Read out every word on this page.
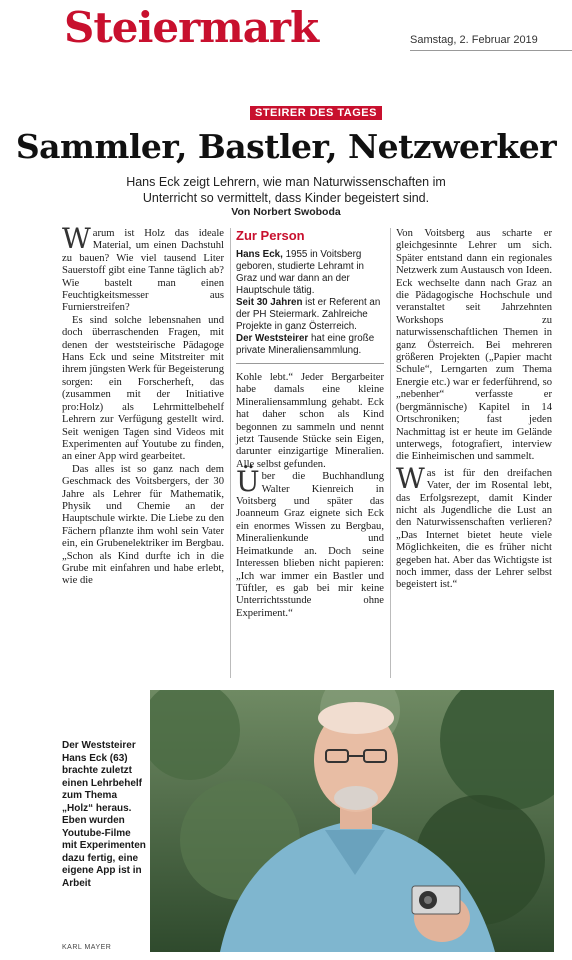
Steiermark	Samstag, 2. Februar 2019
STEIRER DES TAGES
Sammler, Bastler, Netzwerker
Hans Eck zeigt Lehrern, wie man Naturwissenschaften im Unterricht so vermittelt, dass Kinder begeistert sind.
Von Norbert Swoboda

Warum ist Holz das ideale Material, um einen Dachstuhl zu bauen? Wie viel tausend Liter Sauerstoff gibt eine Tanne täglich ab? Wie bastelt man einen Feuchtigkeitsmesser aus Furnierstreifen?

Es sind solche lebensnahen und doch überraschenden Fragen, mit denen der weststeirische Pädagoge Hans Eck und seine Mitstreiter mit ihrem jüngsten Werk für Begeisterung sorgen: ein Forscherheft, das (zusammen mit der Initiative pro:Holz) als Lehrmittelbehelf Lehrern zur Verfügung gestellt wird. Seit wenigen Tagen sind Videos mit Experimenten auf Youtube zu finden, an einer App wird gearbeitet.

Das alles ist so ganz nach dem Geschmack des Voitsbergers, der 30 Jahre als Lehrer für Mathematik, Physik und Chemie an der Hauptschule wirkte. Die Liebe zu den Fächern pflanzte ihm wohl sein Vater ein, ein Grubenelektriker im Bergbau. „Schon als Kind durfte ich in die Grube mit einfahren und habe erlebt, wie die

Zur Person

Hans Eck, 1955 in Voitsberg geboren, studierte Lehramt in Graz und war dann an der Hauptschule tätig.

Seit 30 Jahren ist er Referent an der PH Steiermark. Zahlreiche Projekte in ganz Österreich.

Der Weststeirer hat eine große private Mineraliensammlung.

Kohle lebt.“ Jeder Bergarbeiter habe damals eine kleine Mineraliensammlung gehabt. Eck hat daher schon als Kind begonnen zu sammeln und nennt jetzt Tausende Stücke sein Eigen, darunter einzigartige Mineralien. Alle selbst gefunden.

Über die Buchhandlung Walter Kienreich in Voitsberg und später das Joanneum Graz eignete sich Eck ein enormes Wissen zu Bergbau, Mineralienkunde und Heimatkunde an. Doch seine Interessen blieben nicht papieren: „Ich war immer ein Bastler und Tüftler, es gab bei mir keine Unterrichtsstunde ohne Experiment.“

Von Voitsberg aus scharte er gleichgesinnte Lehrer um sich. Später entstand dann ein regionales Netzwerk zum Austausch von Ideen. Eck wechselte dann nach Graz an die Pädagogische Hochschule und veranstaltet seit Jahrzehnten Workshops zu naturwissenschaftlichen Themen in ganz Österreich. Bei mehreren größeren Projekten („Papier macht Schule“, Lerngarten zum Thema Energie etc.) war er federführend, so „nebenher“ verfasste er (bergmännische) Kapitel in 14 Ortschroniken; fast jeden Nachmittag ist er heute im Gelände unterwegs, fotografiert, interview die Einheimischen und sammelt.

Was ist für den dreifachen Vater, der im Rosental lebt, das Erfolgsrezept, damit Kinder nicht als Jugendliche die Lust an den Naturwissenschaften verlieren? „Das Internet bietet heute viele Möglichkeiten, die es früher nicht gegeben hat. Aber das Wichtigste ist noch immer, dass der Lehrer selbst begeistert ist.“

Der Weststeirer Hans Eck (63) brachte zuletzt einen Lehrbehelf zum Thema „Holz“ heraus. Eben wurden Youtube-Filme mit Experimenten dazu fertig, eine eigene App ist in Arbeit
KARL MAYER
